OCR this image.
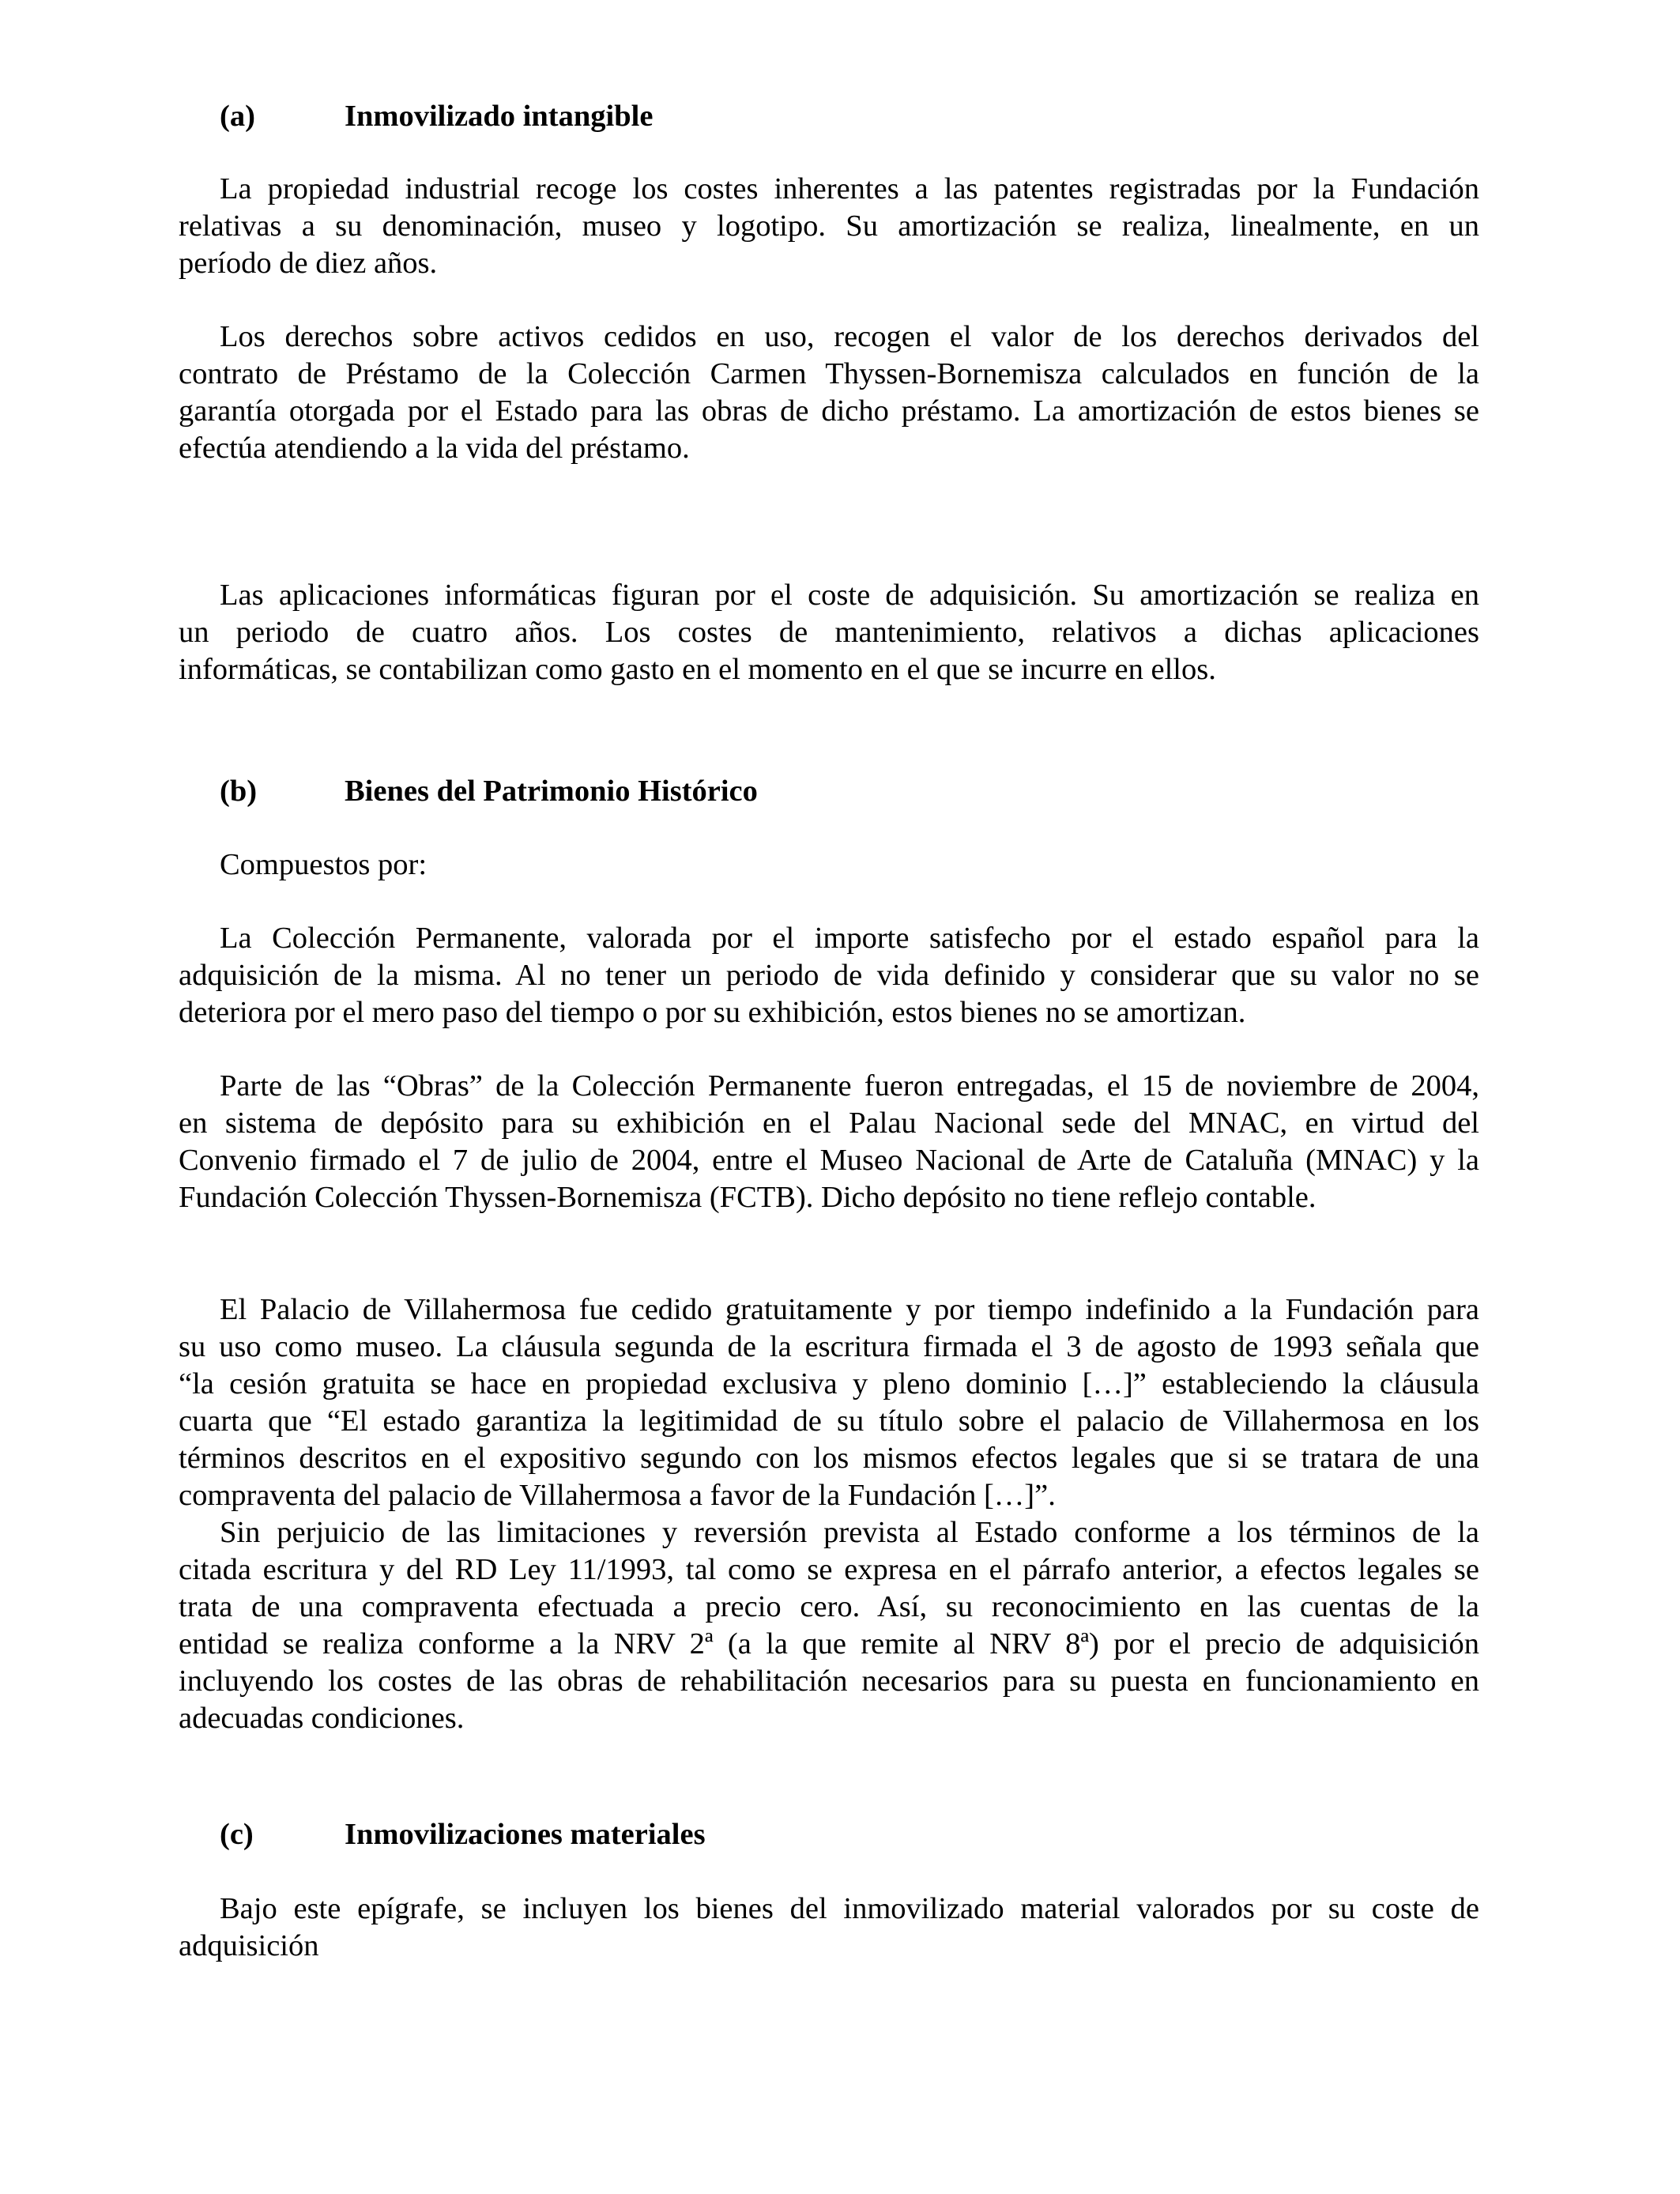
(a)	Inmovilizado intangible
La propiedad industrial recoge los costes inherentes a las patentes registradas por la Fundación
relativas a su denominación, museo y logotipo. Su amortización se realiza, linealmente, en un
período de diez años.
Los derechos sobre activos cedidos en uso, recogen el valor de los derechos derivados del
contrato de Préstamo de la Colección Carmen Thyssen-Bornemisza calculados en función de la
garantía otorgada por el Estado para las obras de dicho préstamo. La amortización de estos bienes se
efectúa atendiendo a la vida del préstamo.
Las aplicaciones informáticas figuran por el coste de adquisición. Su amortización se realiza en
un periodo de cuatro años. Los costes de mantenimiento, relativos a dichas aplicaciones
informáticas, se contabilizan como gasto en el momento en el que se incurre en ellos.
(b)	Bienes del Patrimonio Histórico
Compuestos por:
La Colección Permanente, valorada por el importe satisfecho por el estado español para la
adquisición de la misma. Al no tener un periodo de vida definido y considerar que su valor no se
deteriora por el mero paso del tiempo o por su exhibición, estos bienes no se amortizan.
Parte de las “Obras” de la Colección Permanente fueron entregadas, el 15 de noviembre de 2004,
en sistema de depósito para su exhibición en el Palau Nacional sede del MNAC, en virtud del
Convenio firmado el 7 de julio de 2004, entre el Museo Nacional de Arte de Cataluña (MNAC) y la
Fundación Colección Thyssen-Bornemisza (FCTB). Dicho depósito no tiene reflejo contable.
El Palacio de Villahermosa fue cedido gratuitamente y por tiempo indefinido a la Fundación para
su uso como museo. La cláusula segunda de la escritura firmada el 3 de agosto de 1993 señala que
“la cesión gratuita se hace en propiedad exclusiva y pleno dominio […]” estableciendo la cláusula
cuarta que “El estado garantiza la legitimidad de su título sobre el palacio de Villahermosa en los
términos descritos en el expositivo segundo con los mismos efectos legales que si se tratara de una
compraventa del palacio de Villahermosa a favor de la Fundación […]”.
Sin perjuicio de las limitaciones y reversión prevista al Estado conforme a los términos de la
citada escritura y del RD Ley 11/1993, tal como se expresa en el párrafo anterior, a efectos legales se
trata de una compraventa efectuada a precio cero. Así, su reconocimiento en las cuentas de la
entidad se realiza conforme a la NRV 2ª (a la que remite al NRV 8ª) por el precio de adquisición
incluyendo los costes de las obras de rehabilitación necesarios para su puesta en funcionamiento en
adecuadas condiciones.
(c)	Inmovilizaciones materiales
Bajo este epígrafe, se incluyen los bienes del inmovilizado material valorados por su coste de
adquisición
